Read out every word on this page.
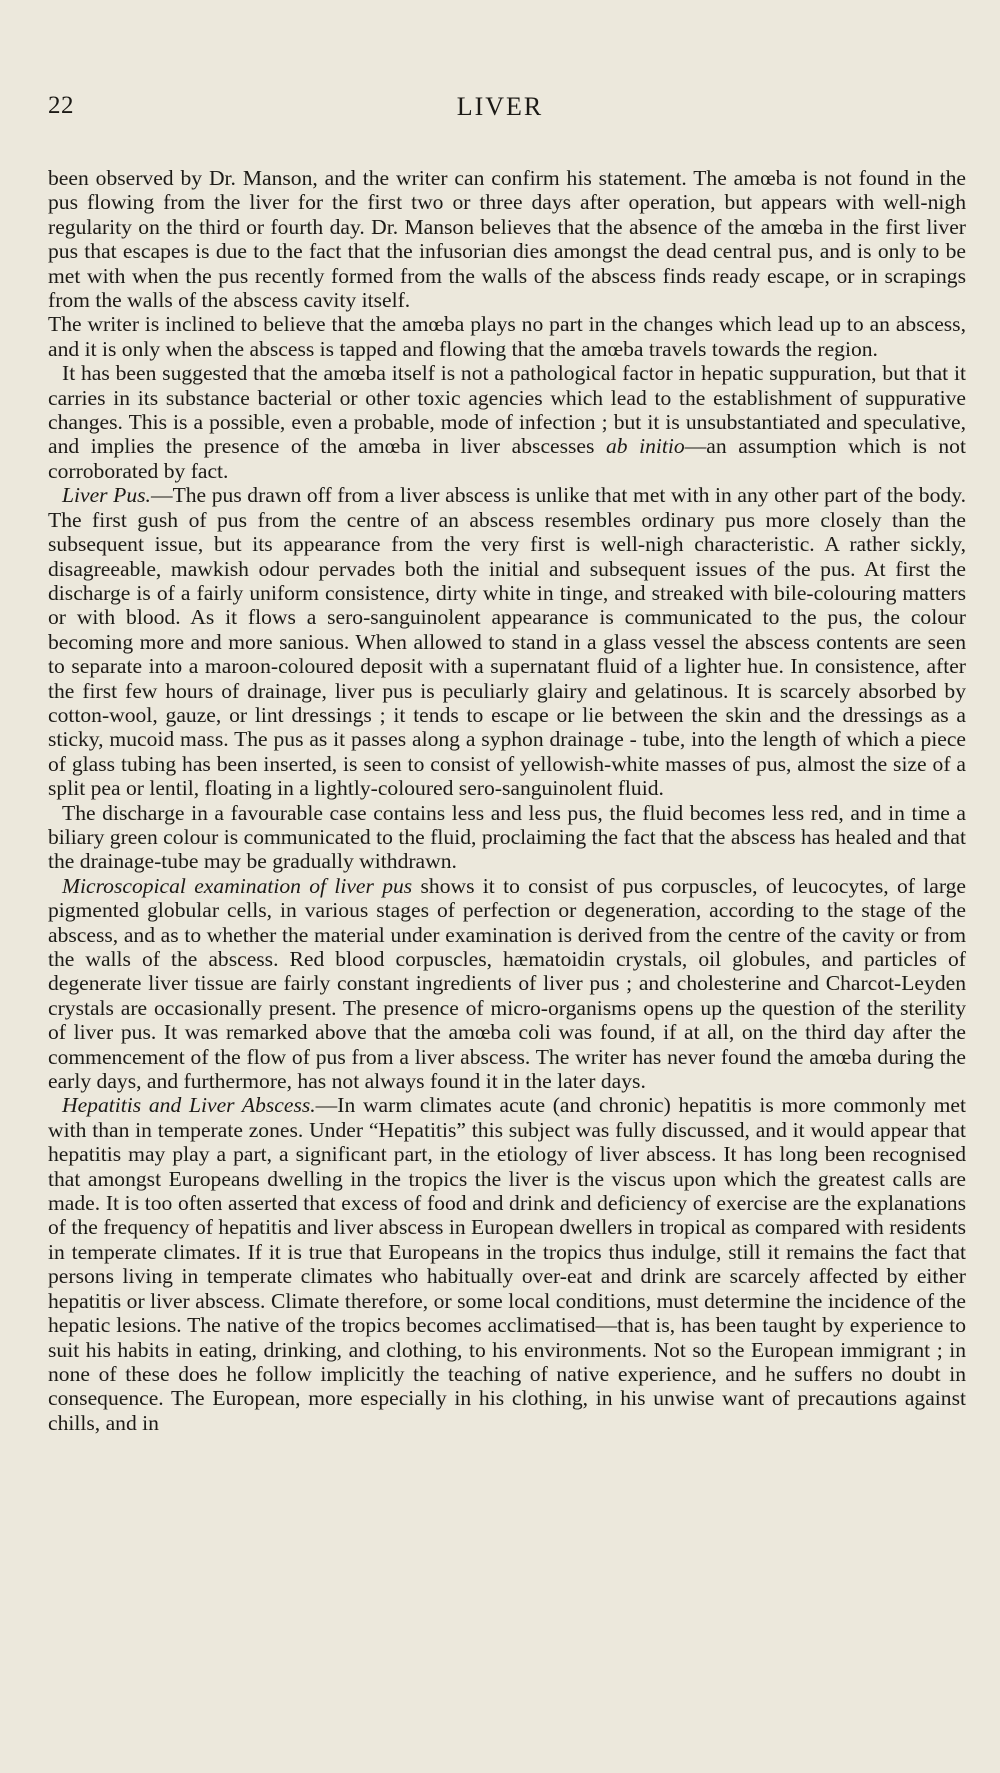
22	LIVER

been observed by Dr. Manson, and the writer can confirm his statement. The amœba is not found in the pus flowing from the liver for the first two or three days after operation, but appears with well-nigh regularity on the third or fourth day. Dr. Manson believes that the absence of the amœba in the first liver pus that escapes is due to the fact that the infusorian dies amongst the dead central pus, and is only to be met with when the pus recently formed from the walls of the abscess finds ready escape, or in scrapings from the walls of the abscess cavity itself.

The writer is inclined to believe that the amœba plays no part in the changes which lead up to an abscess, and it is only when the abscess is tapped and flowing that the amœba travels towards the region.

It has been suggested that the amœba itself is not a pathological factor in hepatic suppuration, but that it carries in its substance bacterial or other toxic agencies which lead to the establishment of suppurative changes. This is a possible, even a probable, mode of infection ; but it is unsubstantiated and speculative, and implies the presence of the amœba in liver abscesses ab initio—an assumption which is not corroborated by fact.

Liver Pus.—The pus drawn off from a liver abscess is unlike that met with in any other part of the body. The first gush of pus from the centre of an abscess resembles ordinary pus more closely than the subsequent issue, but its appearance from the very first is well-nigh characteristic. A rather sickly, disagreeable, mawkish odour pervades both the initial and subsequent issues of the pus. At first the discharge is of a fairly uniform consistence, dirty white in tinge, and streaked with bile-colouring matters or with blood. As it flows a sero-sanguinolent appearance is communicated to the pus, the colour becoming more and more sanious. When allowed to stand in a glass vessel the abscess contents are seen to separate into a maroon-coloured deposit with a supernatant fluid of a lighter hue. In consistence, after the first few hours of drainage, liver pus is peculiarly glairy and gelatinous. It is scarcely absorbed by cotton-wool, gauze, or lint dressings ; it tends to escape or lie between the skin and the dressings as a sticky, mucoid mass. The pus as it passes along a syphon drainage - tube, into the length of which a piece of glass tubing has been inserted, is seen to consist of yellowish-white masses of pus, almost the size of a split pea or lentil, floating in a lightly-coloured sero-sanguinolent fluid.

The discharge in a favourable case contains less and less pus, the fluid becomes less red, and in time a biliary green colour is communicated to the fluid, proclaiming the fact that the abscess has healed and that the drainage-tube may be gradually withdrawn.

Microscopical examination of liver pus shows it to consist of pus corpuscles, of leucocytes, of large pigmented globular cells, in various stages of perfection or degeneration, according to the stage of the abscess, and as to whether the material under examination is derived from the centre of the cavity or from the walls of the abscess. Red blood corpuscles, hæmatoidin crystals, oil globules, and particles of degenerate liver tissue are fairly constant ingredients of liver pus ; and cholesterine and Charcot-Leyden crystals are occasionally present. The presence of micro-organisms opens up the question of the sterility of liver pus. It was remarked above that the amœba coli was found, if at all, on the third day after the commencement of the flow of pus from a liver abscess. The writer has never found the amœba during the early days, and furthermore, has not always found it in the later days.

Hepatitis and Liver Abscess.—In warm climates acute (and chronic) hepatitis is more commonly met with than in temperate zones. Under “Hepatitis” this subject was fully discussed, and it would appear that hepatitis may play a part, a significant part, in the etiology of liver abscess. It has long been recognised that amongst Europeans dwelling in the tropics the liver is the viscus upon which the greatest calls are made. It is too often asserted that excess of food and drink and deficiency of exercise are the explanations of the frequency of hepatitis and liver abscess in European dwellers in tropical as compared with residents in temperate climates. If it is true that Europeans in the tropics thus indulge, still it remains the fact that persons living in temperate climates who habitually over-eat and drink are scarcely affected by either hepatitis or liver abscess. Climate therefore, or some local conditions, must determine the incidence of the hepatic lesions. The native of the tropics becomes acclimatised—that is, has been taught by experience to suit his habits in eating, drinking, and clothing, to his environments. Not so the European immigrant ; in none of these does he follow implicitly the teaching of native experience, and he suffers no doubt in consequence. The European, more especially in his clothing, in his unwise want of precautions against chills, and in
